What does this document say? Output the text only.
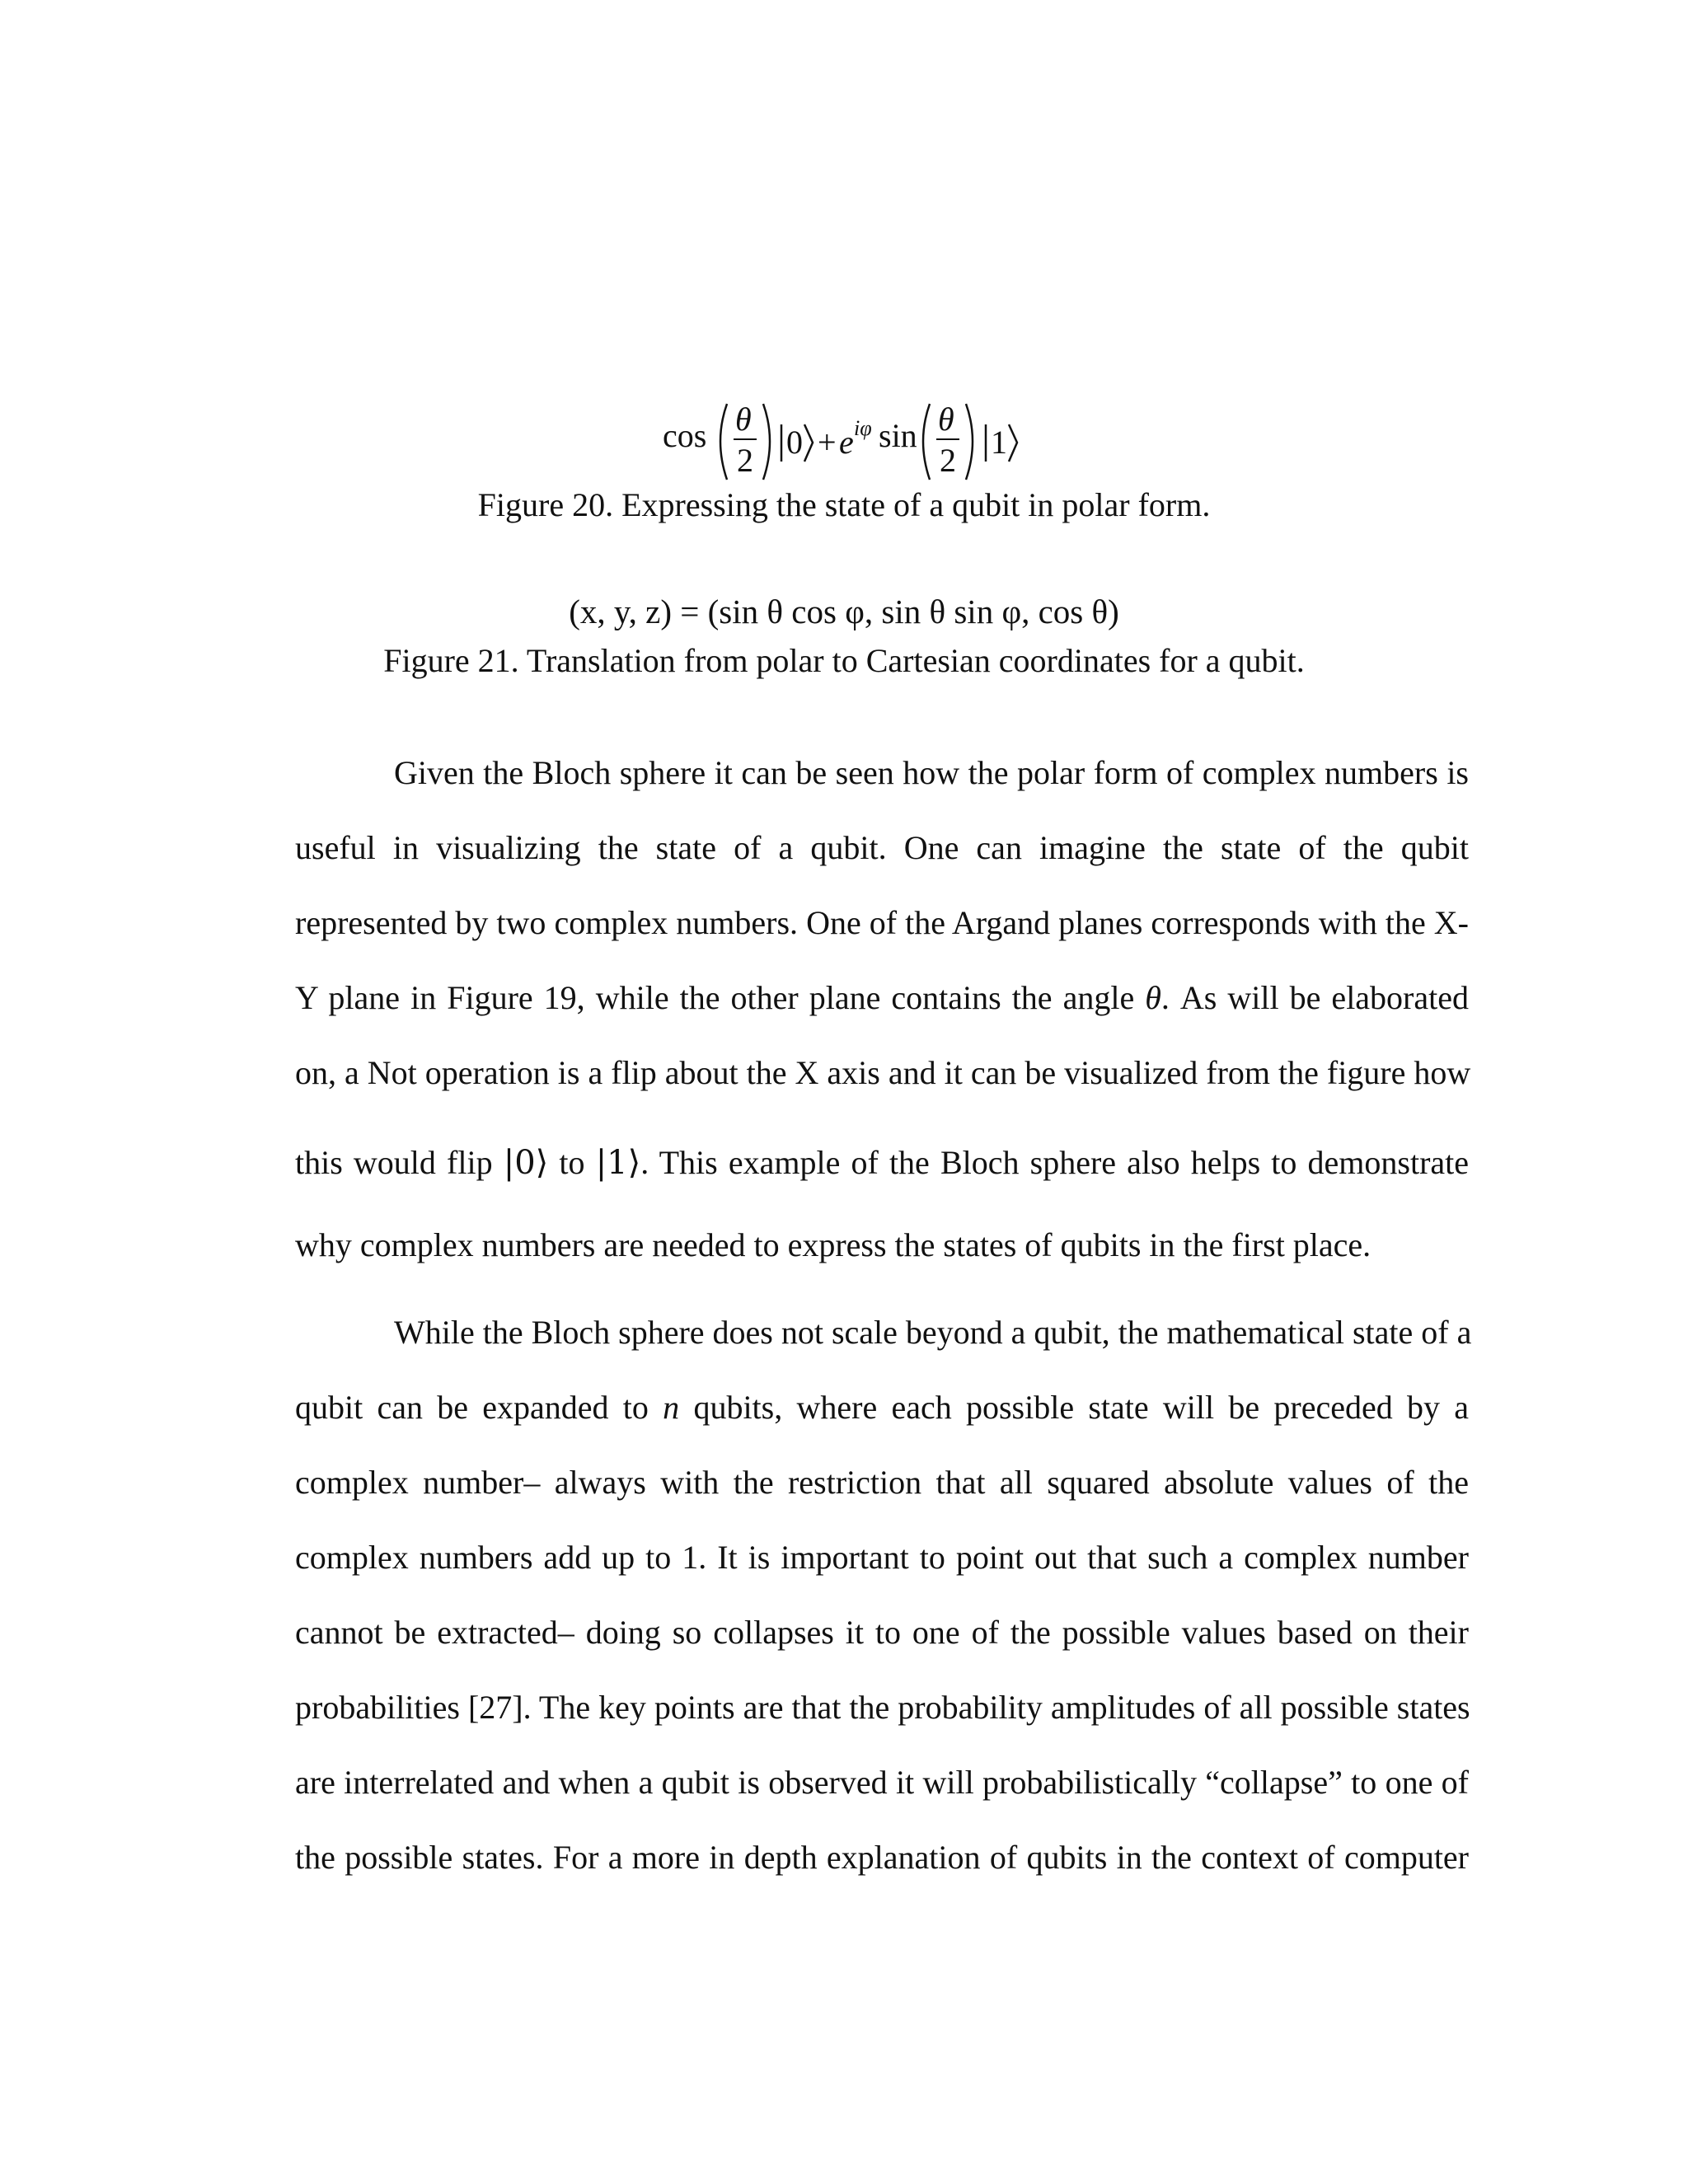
cos θ
2 0 + e iφ sin θ
2 1
Figure 20. Expressing the state of a qubit in polar form.
(x, y, z) = (sin θ cos φ, sin θ sin φ, cos θ)
Figure 21. Translation from polar to Cartesian coordinates for a qubit.
Given the Bloch sphere it can be seen how the polar form of complex numbers is
useful in visualizing the state of a qubit. One can imagine the state of the qubit
represented by two complex numbers. One of the Argand planes corresponds with the X-
Y plane in Figure 19, while the other plane contains the angle θ. As will be elaborated
on, a Not operation is a flip about the X axis and it can be visualized from the figure how
this would flip |0⟩ to |1⟩. This example of the Bloch sphere also helps to demonstrate
why complex numbers are needed to express the states of qubits in the first place.
While the Bloch sphere does not scale beyond a qubit, the mathematical state of a
qubit can be expanded to n qubits, where each possible state will be preceded by a
complex number– always with the restriction that all squared absolute values of the
complex numbers add up to 1. It is important to point out that such a complex number
cannot be extracted– doing so collapses it to one of the possible values based on their
probabilities [27]. The key points are that the probability amplitudes of all possible states
are interrelated and when a qubit is observed it will probabilistically “collapse” to one of
the possible states. For a more in depth explanation of qubits in the context of computer
